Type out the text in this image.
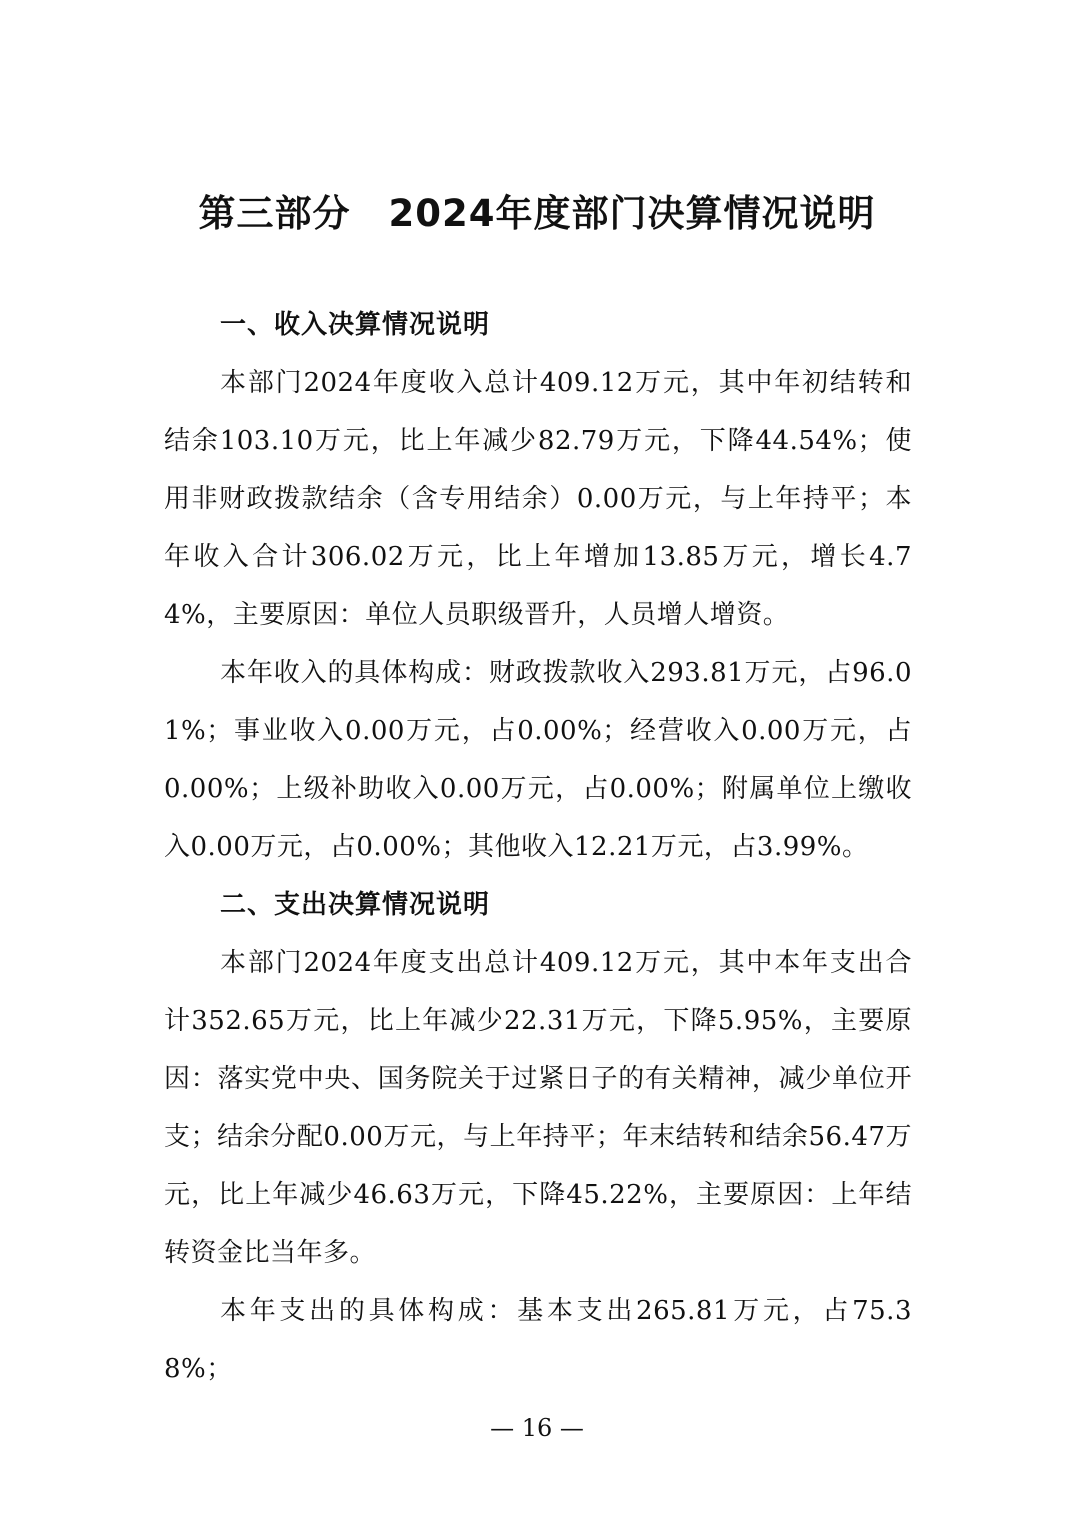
第三部分　2024年度部门决算情况说明

一、收入决算情况说明

本部门2024年度收入总计409.12万元，其中年初结转和结余103.10万元，比上年减少82.79万元，下降44.54%；使用非财政拨款结余（含专用结余）0.00万元，与上年持平；本年收入合计306.02万元，比上年增加13.85万元，增长4.74%，主要原因：单位人员职级晋升，人员增人增资。

本年收入的具体构成：财政拨款收入293.81万元，占96.01%；事业收入0.00万元，占0.00%；经营收入0.00万元，占0.00%；上级补助收入0.00万元，占0.00%；附属单位上缴收入0.00万元，占0.00%；其他收入12.21万元，占3.99%。

二、支出决算情况说明

本部门2024年度支出总计409.12万元，其中本年支出合计352.65万元，比上年减少22.31万元，下降5.95%，主要原因：落实党中央、国务院关于过紧日子的有关精神，减少单位开支；结余分配0.00万元，与上年持平；年末结转和结余56.47万元，比上年减少46.63万元，下降45.22%，主要原因：上年结转资金比当年多。

本年支出的具体构成：基本支出265.81万元，占75.38%；

— 16 —
